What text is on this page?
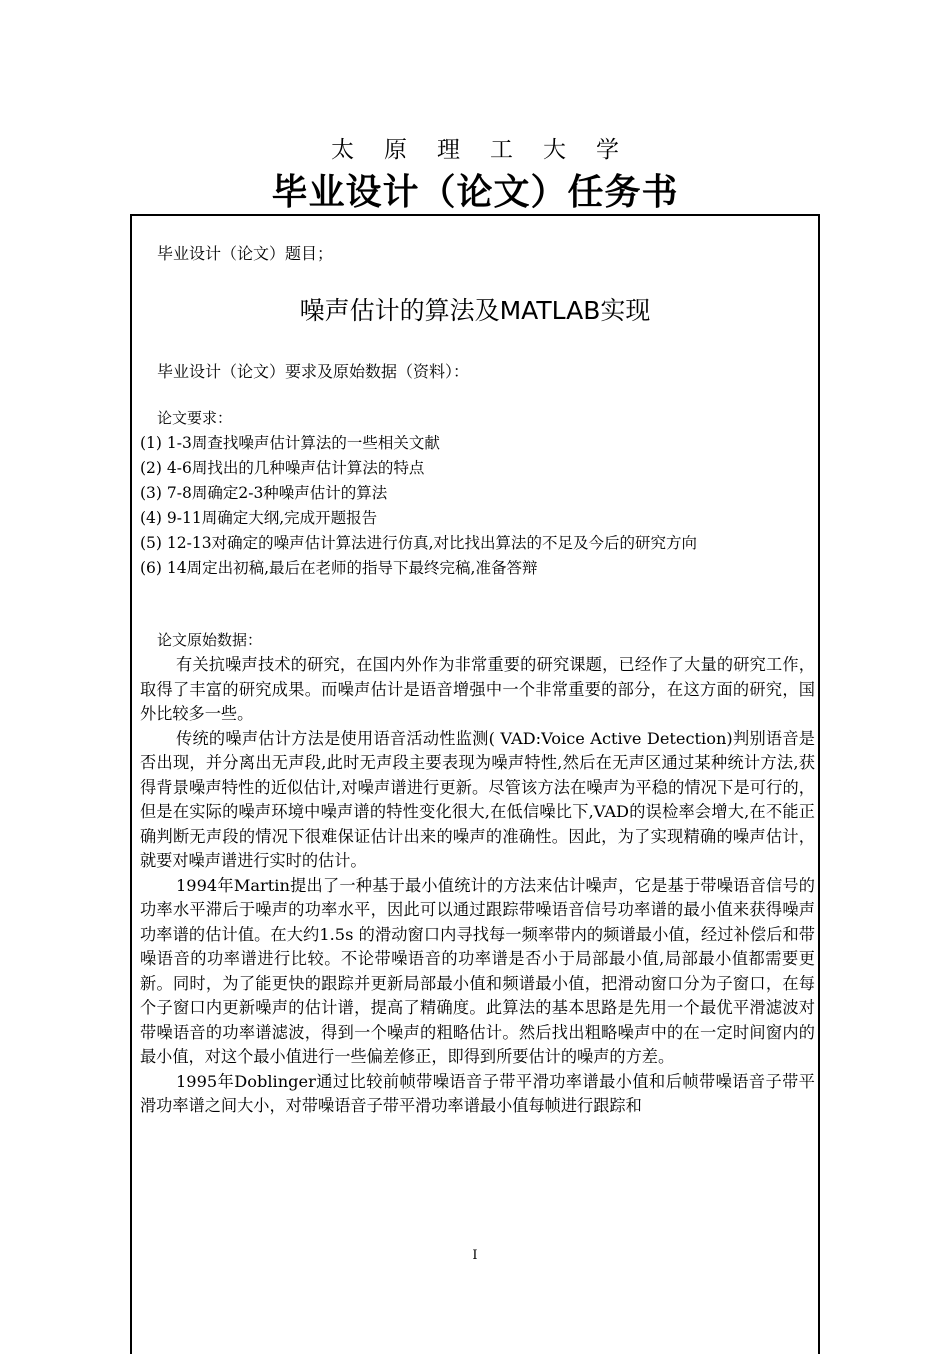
太原理工大学
毕业设计（论文）任务书
毕业设计（论文）题目；
噪声估计的算法及MATLAB实现
毕业设计（论文）要求及原始数据（资料）：
论文要求：
(1) 1-3周查找噪声估计算法的一些相关文献
(2) 4-6周找出的几种噪声估计算法的特点
(3) 7-8周确定2-3种噪声估计的算法
(4) 9-11周确定大纲,完成开题报告
(5) 12-13对确定的噪声估计算法进行仿真,对比找出算法的不足及今后的研究方向
(6) 14周定出初稿,最后在老师的指导下最终完稿,准备答辩
论文原始数据：

有关抗噪声技术的研究，在国内外作为非常重要的研究课题，已经作了大量的研究工作，取得了丰富的研究成果。而噪声估计是语音增强中一个非常重要的部分，在这方面的研究，国外比较多一些。

传统的噪声估计方法是使用语音活动性监测( VAD:Voice Active Detection)判别语音是否出现，并分离出无声段,此时无声段主要表现为噪声特性,然后在无声区通过某种统计方法,获得背景噪声特性的近似估计,对噪声谱进行更新。尽管该方法在噪声为平稳的情况下是可行的，但是在实际的噪声环境中噪声谱的特性变化很大,在低信噪比下,VAD的误检率会增大,在不能正确判断无声段的情况下很难保证估计出来的噪声的准确性。因此，为了实现精确的噪声估计，就要对噪声谱进行实时的估计。

1994年Martin提出了一种基于最小值统计的方法来估计噪声，它是基于带噪语音信号的功率水平滞后于噪声的功率水平，因此可以通过跟踪带噪语音信号功率谱的最小值来获得噪声功率谱的估计值。在大约1.5s 的滑动窗口内寻找每一频率带内的频谱最小值，经过补偿后和带噪语音的功率谱进行比较。不论带噪语音的功率谱是否小于局部最小值,局部最小值都需要更新。同时，为了能更快的跟踪并更新局部最小值和频谱最小值，把滑动窗口分为子窗口，在每个子窗口内更新噪声的估计谱，提高了精确度。此算法的基本思路是先用一个最优平滑滤波对带噪语音的功率谱滤波，得到一个噪声的粗略估计。然后找出粗略噪声中的在一定时间窗内的最小值，对这个最小值进行一些偏差修正，即得到所要估计的噪声的方差。

1995年Doblinger通过比较前帧带噪语音子带平滑功率谱最小值和后帧带噪语音子带平滑功率谱之间大小，对带噪语音子带平滑功率谱最小值每帧进行跟踪和

I
